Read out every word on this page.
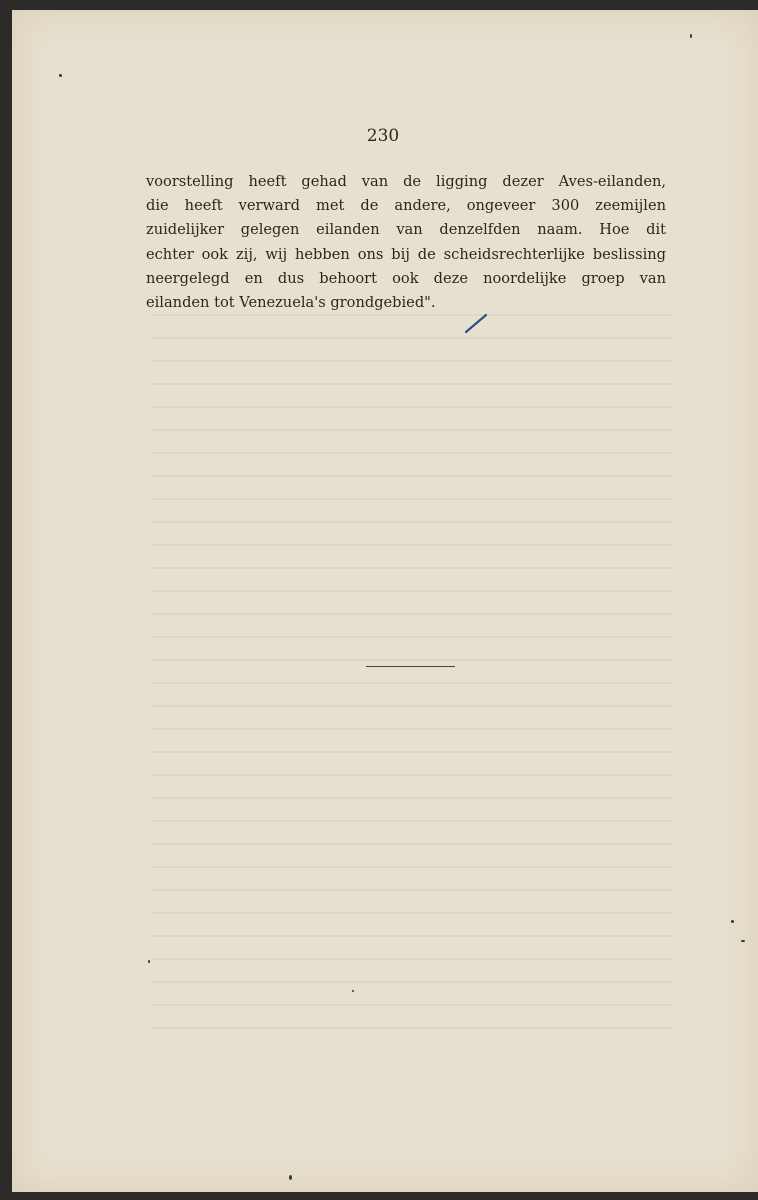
230
voorstelling heeft gehad van de ligging dezer Aves-eilanden,
die heeft verward met de andere, ongeveer 300 zeemijlen
zuidelijker gelegen eilanden van denzelfden naam. Hoe dit
echter ook zij, wij hebben ons bij de scheidsrechterlijke beslissing
neergelegd en dus behoort ook deze noordelijke groep van
eilanden tot Venezuela's grondgebied".
